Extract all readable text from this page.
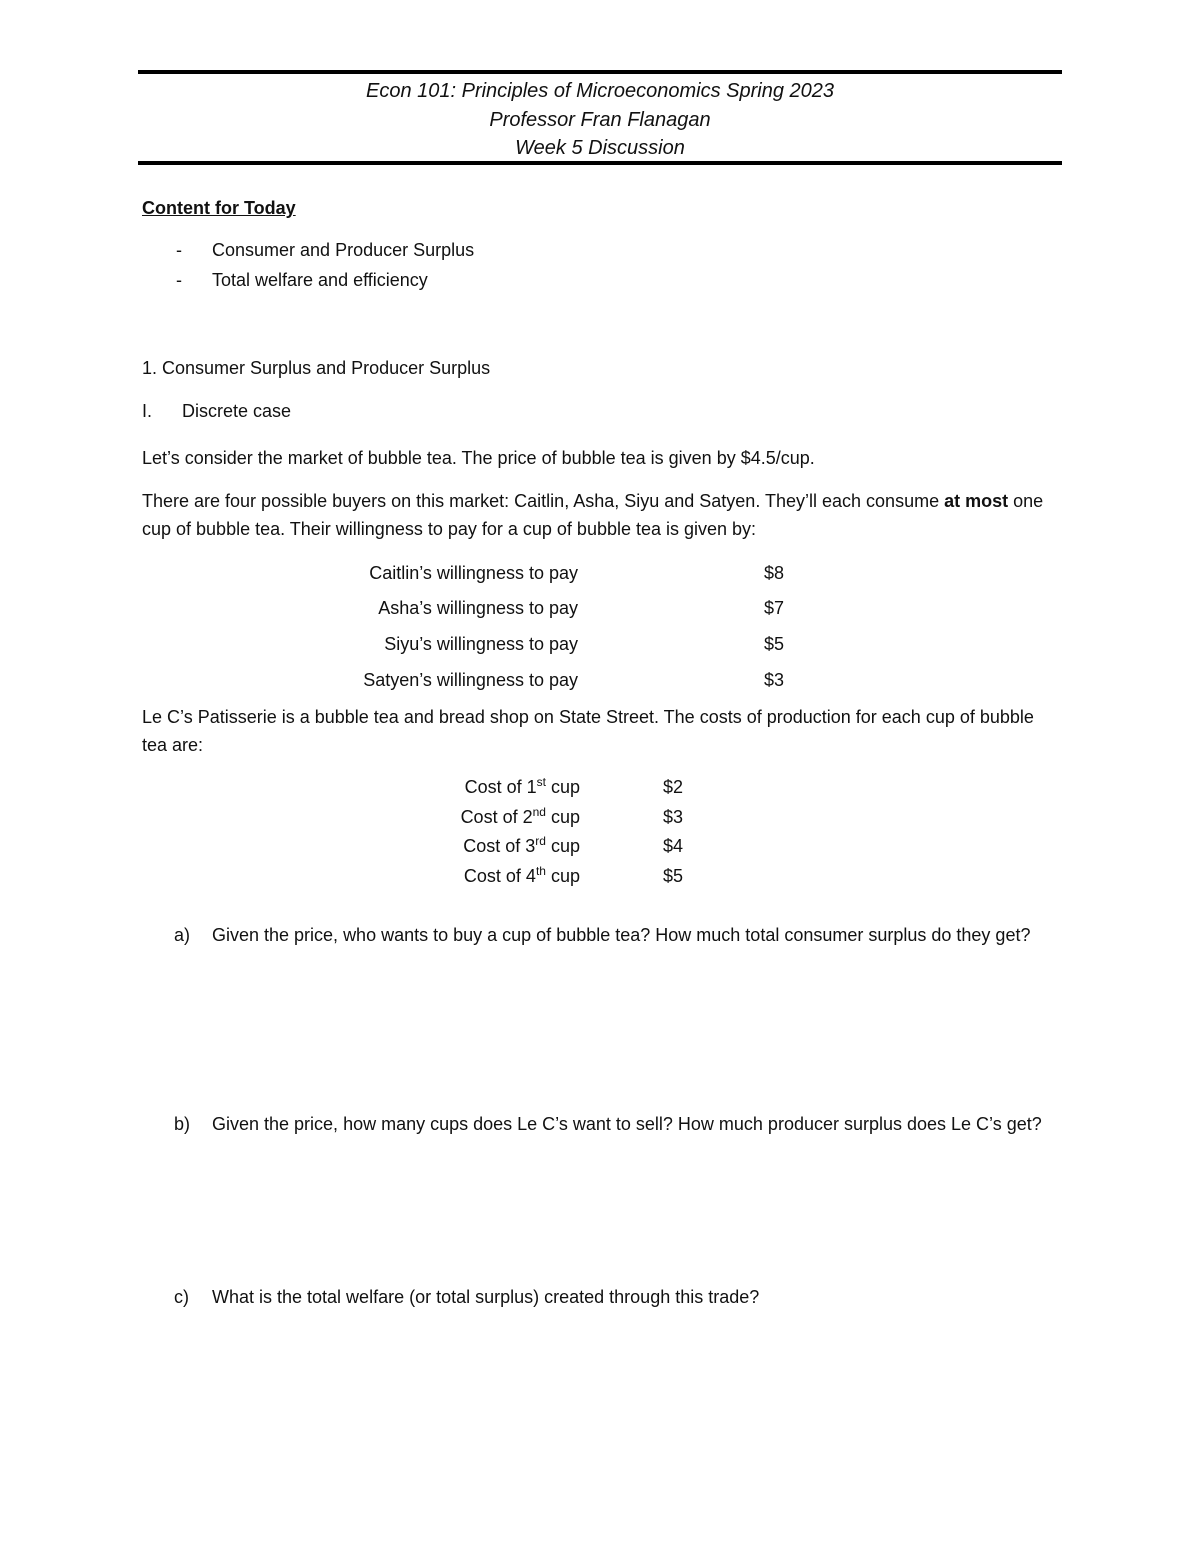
Econ 101: Principles of Microeconomics Spring 2023
Professor Fran Flanagan
Week 5 Discussion
Content for Today
- Consumer and Producer Surplus
- Total welfare and efficiency
1. Consumer Surplus and Producer Surplus
I. Discrete case
Let’s consider the market of bubble tea. The price of bubble tea is given by $4.5/cup.
There are four possible buyers on this market: Caitlin, Asha, Siyu and Satyen. They’ll each consume at most one cup of bubble tea. Their willingness to pay for a cup of bubble tea is given by:
Caitlin’s willingness to pay	$8
Asha’s willingness to pay	$7
Siyu’s willingness to pay	$5
Satyen’s willingness to pay	$3
Le C’s Patisserie is a bubble tea and bread shop on State Street. The costs of production for each cup of bubble tea are:
Cost of 1st cup	$2
Cost of 2nd cup	$3
Cost of 3rd cup	$4
Cost of 4th cup	$5
a) Given the price, who wants to buy a cup of bubble tea? How much total consumer surplus do they get?
b) Given the price, how many cups does Le C’s want to sell? How much producer surplus does Le C’s get?
c) What is the total welfare (or total surplus) created through this trade?
